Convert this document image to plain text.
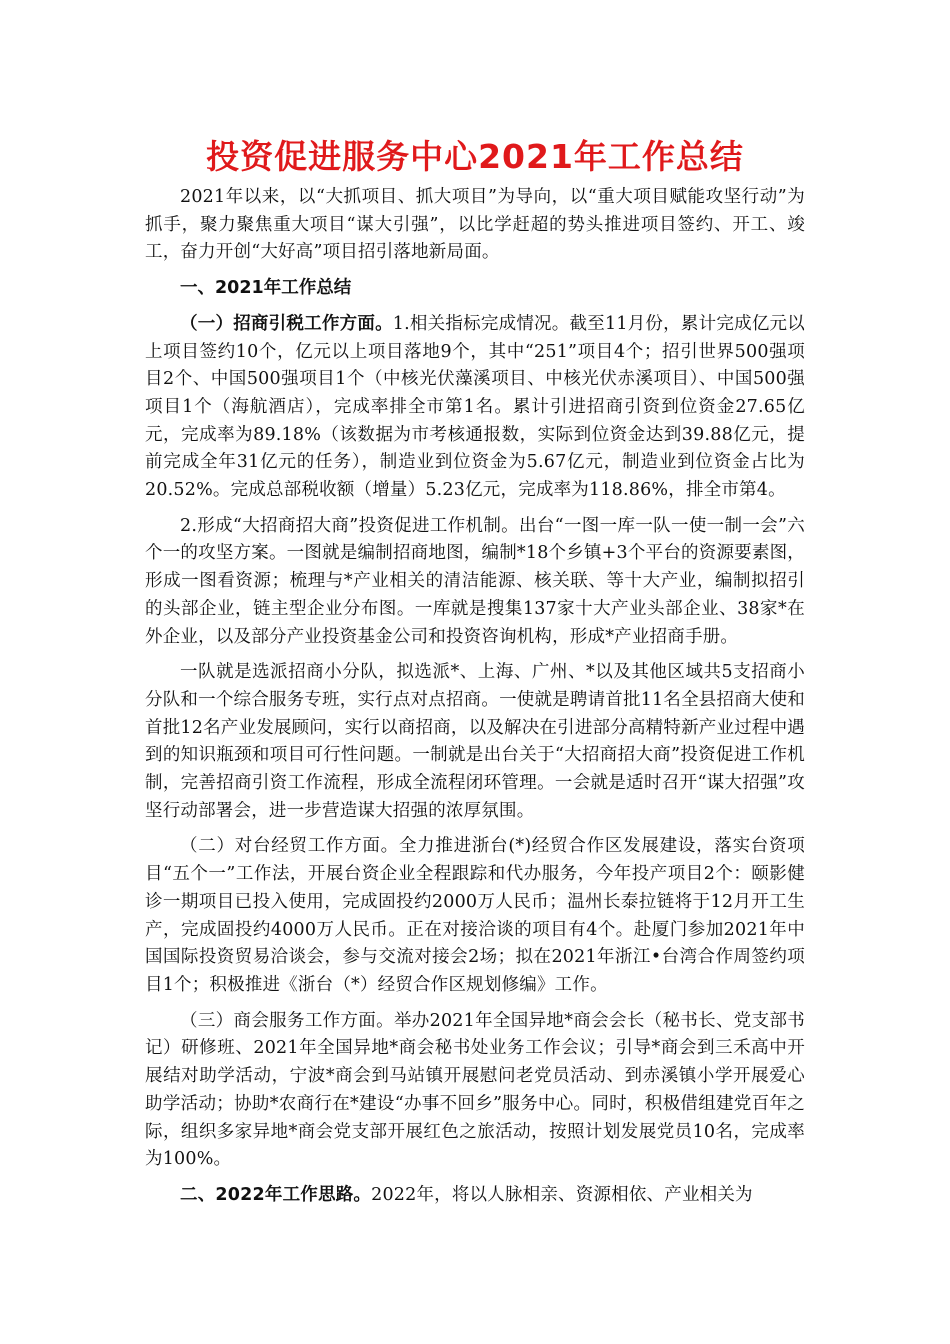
投资促进服务中心2021年工作总结

2021年以来，以“大抓项目、抓大项目”为导向，以“重大项目赋能攻坚行动”为抓手，聚力聚焦重大项目“谋大引强”，以比学赶超的势头推进项目签约、开工、竣工，奋力开创“大好高”项目招引落地新局面。

一、2021年工作总结

（一）招商引税工作方面。1.相关指标完成情况。截至11月份，累计完成亿元以上项目签约10个，亿元以上项目落地9个，其中“251”项目4个；招引世界500强项目2个、中国500强项目1个（中核光伏藻溪项目、中核光伏赤溪项目）、中国500强项目1个（海航酒店），完成率排全市第1名。累计引进招商引资到位资金27.65亿元，完成率为89.18%（该数据为市考核通报数，实际到位资金达到39.88亿元，提前完成全年31亿元的任务），制造业到位资金为5.67亿元，制造业到位资金占比为20.52%。完成总部税收额（增量）5.23亿元，完成率为118.86%，排全市第4。

2.形成“大招商招大商”投资促进工作机制。出台“一图一库一队一使一制一会”六个一的攻坚方案。一图就是编制招商地图，编制*18个乡镇+3个平台的资源要素图，形成一图看资源；梳理与*产业相关的清洁能源、核关联、等十大产业，编制拟招引的头部企业，链主型企业分布图。一库就是搜集137家十大产业头部企业、38家*在外企业，以及部分产业投资基金公司和投资咨询机构，形成*产业招商手册。

一队就是选派招商小分队，拟选派*、上海、广州、*以及其他区域共5支招商小分队和一个综合服务专班，实行点对点招商。一使就是聘请首批11名全县招商大使和首批12名产业发展顾问，实行以商招商，以及解决在引进部分高精特新产业过程中遇到的知识瓶颈和项目可行性问题。一制就是出台关于“大招商招大商”投资促进工作机制，完善招商引资工作流程，形成全流程闭环管理。一会就是适时召开“谋大招强”攻坚行动部署会，进一步营造谋大招强的浓厚氛围。

（二）对台经贸工作方面。全力推进浙台(*)经贸合作区发展建设，落实台资项目“五个一”工作法，开展台资企业全程跟踪和代办服务，今年投产项目2个：颐影健诊一期项目已投入使用，完成固投约2000万人民币；温州长泰拉链将于12月开工生产，完成固投约4000万人民币。正在对接洽谈的项目有4个。赴厦门参加2021年中国国际投资贸易洽谈会，参与交流对接会2场；拟在2021年浙江•台湾合作周签约项目1个；积极推进《浙台（*）经贸合作区规划修编》工作。

（三）商会服务工作方面。举办2021年全国异地*商会会长（秘书长、党支部书记）研修班、2021年全国异地*商会秘书处业务工作会议；引导*商会到三禾高中开展结对助学活动，宁波*商会到马站镇开展慰问老党员活动、到赤溪镇小学开展爱心助学活动；协助*农商行在*建设“办事不回乡”服务中心。同时，积极借组建党百年之际，组织多家异地*商会党支部开展红色之旅活动，按照计划发展党员10名，完成率为100%。

二、2022年工作思路。2022年，将以人脉相亲、资源相依、产业相关为
